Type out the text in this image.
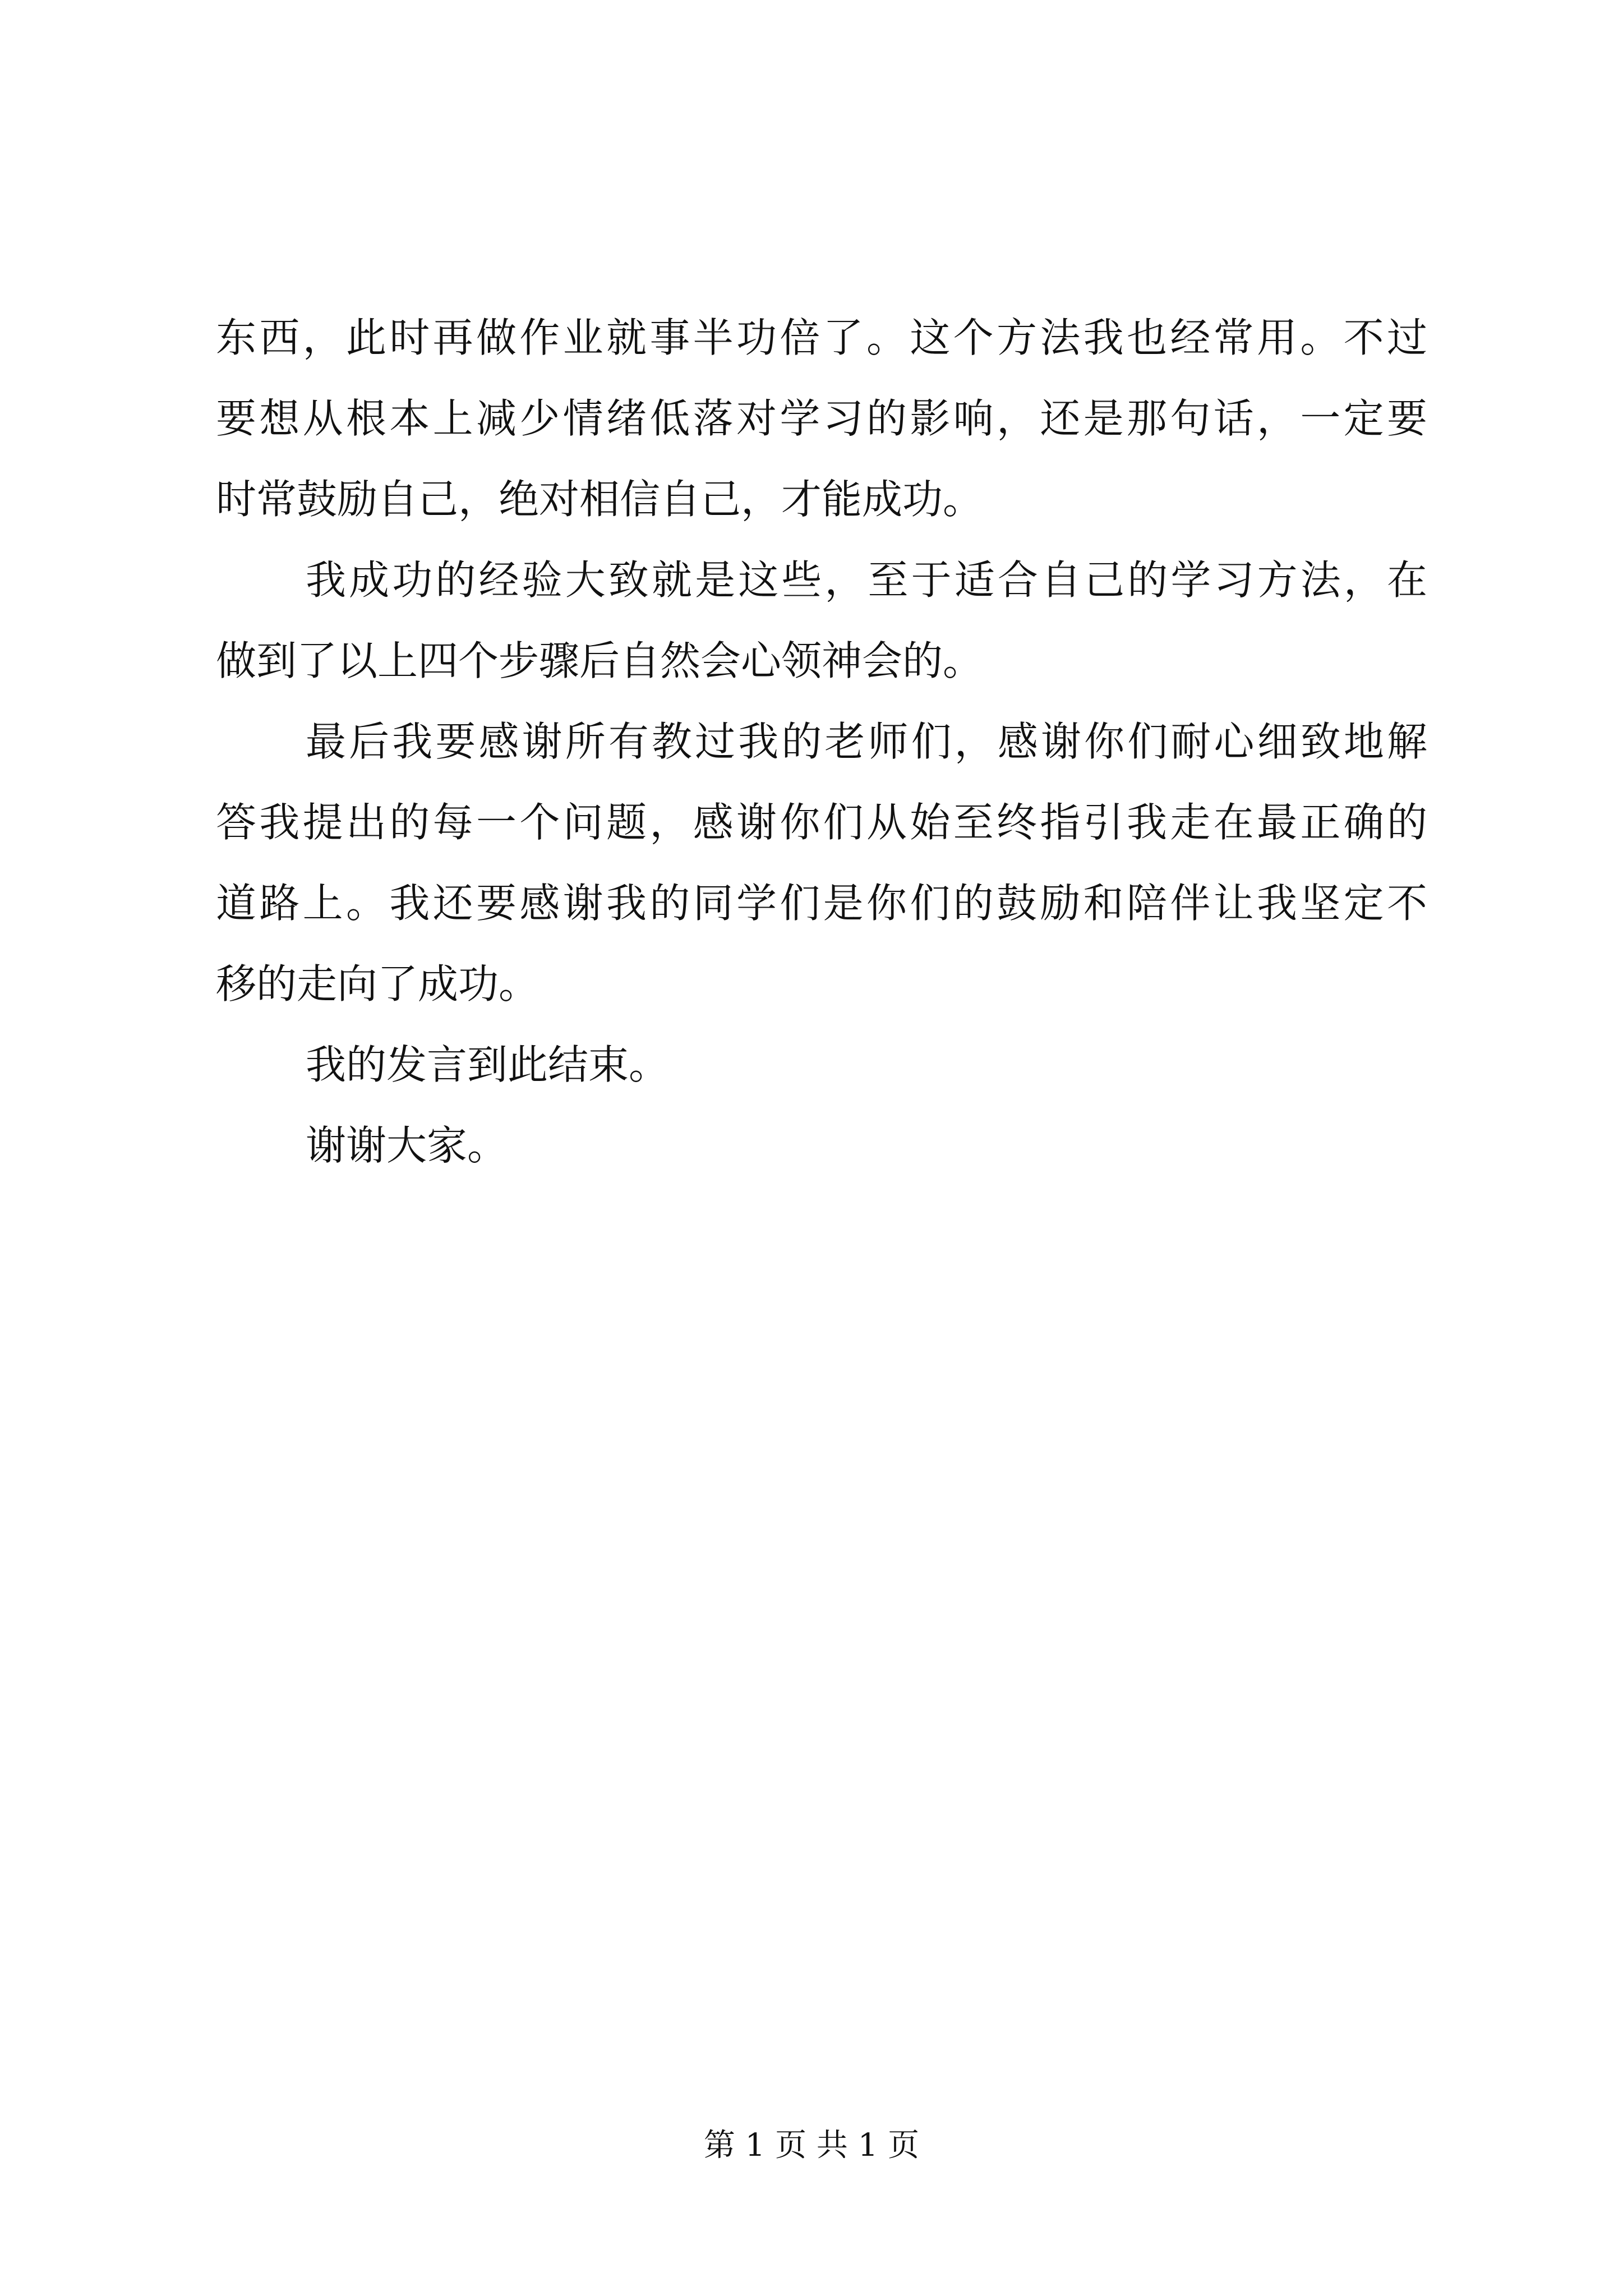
东西，此时再做作业就事半功倍了。这个方法我也经常用。不过
要想从根本上减少情绪低落对学习的影响，还是那句话，一定要
时常鼓励自己，绝对相信自己，才能成功。
我成功的经验大致就是这些，至于适合自己的学习方法，在
做到了以上四个步骤后自然会心领神会的。
最后我要感谢所有教过我的老师们，感谢你们耐心细致地解
答我提出的每一个问题，感谢你们从始至终指引我走在最正确的
道路上。我还要感谢我的同学们是你们的鼓励和陪伴让我坚定不
移的走向了成功。
我的发言到此结束。
谢谢大家。
第 1 页 共 1 页
